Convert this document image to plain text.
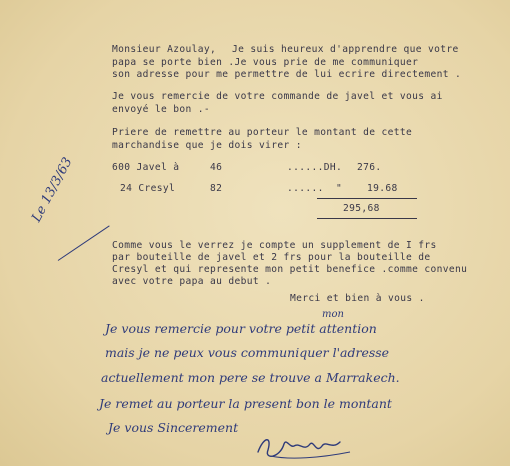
Monsieur Azoulay, Je suis heureux d'apprendre que votre
papa se porte bien .Je vous prie de me communiquer
son adresse pour me permettre de lui ecrire directement .
Je vous remercie de votre commande de javel et vous ai
envoyé le bon .-
Priere de remettre au porteur le montant de cette
marchandise que je dois virer :
600 Javel à	46	......DH. 276.
24 Cresyl	82	......  "	19.68
295,68
Comme vous le verrez je compte un supplement de I frs
par bouteille de javel et 2 frs pour la bouteille de
Cresyl et qui represente mon petit benefice .comme convenu
avec votre papa au debut .
Merci et bien à vous .
Le 13/3/63
mon
Je vous remercie pour votre petit attention
mais je ne peux vous communiquer l'adresse
actuellement mon pere se trouve a Marrakech.
Je remet au porteur la present bon le montant
Je vous Sincerement
